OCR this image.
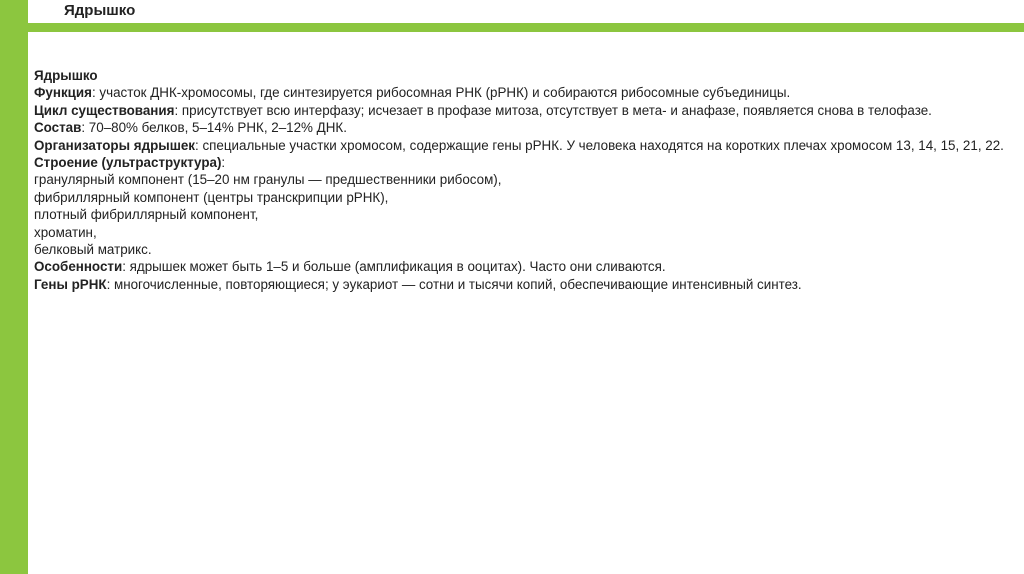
Ядрышко

Ядрышко

Функция: участок ДНК-хромосомы, где синтезируется рибосомная РНК (рРНК) и собираются рибосомные субъединицы.

Цикл существования: присутствует всю интерфазу; исчезает в профазе митоза, отсутствует в мета- и анафазе, появляется снова в телофазе.

Состав: 70–80% белков, 5–14% РНК, 2–12% ДНК.

Организаторы ядрышек: специальные участки хромосом, содержащие гены рРНК. У человека находятся на коротких плечах хромосом 13, 14, 15, 21, 22.

Строение (ультраструктура):

гранулярный компонент (15–20 нм гранулы — предшественники рибосом),

фибриллярный компонент (центры транскрипции рРНК),

плотный фибриллярный компонент,

хроматин,

белковый матрикс.

Особенности: ядрышек может быть 1–5 и больше (амплификация в ооцитах). Часто они сливаются.

Гены рРНК: многочисленные, повторяющиеся; у эукариот — сотни и тысячи копий, обеспечивающие интенсивный синтез.
